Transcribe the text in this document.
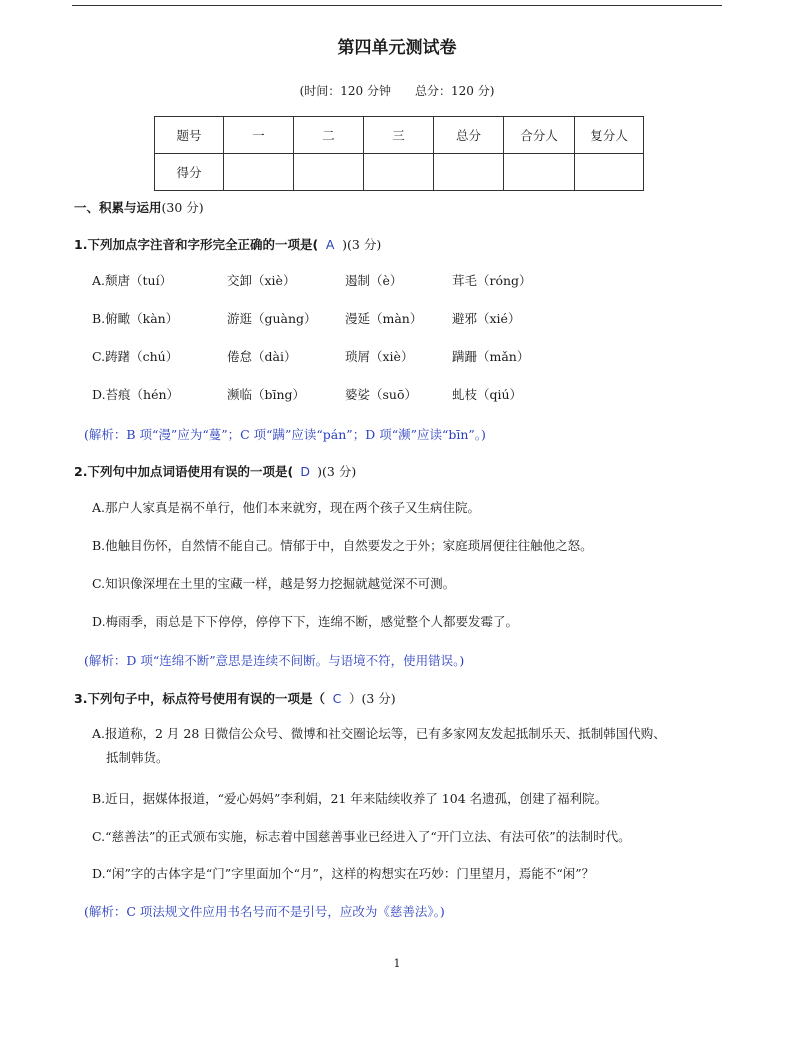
第四单元测试卷
(时间：120 分钟 总分：120 分)
题号	一	二	三	总分	合分人	复分人
得分						
一、积累与运用(30 分)
1.下列加点字注音和字形完全正确的一项是( A )(3 分)
A.颓唐（tuí）	交卸（xiè）	遏制（è）	茸毛（róng）
B.俯瞰（kàn）	游逛（guàng） 漫延（màn） 避邪（xié）
C.踌躇（chú）	倦怠（dài）	琐屑（xiè）	蹒跚（mǎn）
D.苔痕（hén）	濒临（bīng）	婆娑（suō）	虬枝（qiú）
(解析：B 项“漫”应为“蔓”；C 项“蹒”应读“pán”；D 项“濒”应读“bīn”。)
2.下列句中加点词语使用有误的一项是( D )(3 分)
A.那户人家真是祸不单行，他们本来就穷，现在两个孩子又生病住院。
B.他触目伤怀，自然情不能自己。情郁于中，自然要发之于外；家庭琐屑便往往触他之怒。
C.知识像深埋在土里的宝藏一样，越是努力挖掘就越觉深不可测。
D.梅雨季，雨总是下下停停，停停下下，连绵不断，感觉整个人都要发霉了。
(解析：D 项“连绵不断”意思是连续不间断。与语境不符，使用错误。)
3.下列句子中，标点符号使用有误的一项是（ C ）(3 分)
A.报道称，2 月 28 日微信公众号、微博和社交圈论坛等，已有多家网友发起抵制乐天、抵制韩国代购、
抵制韩货。
B.近日，据媒体报道，“爱心妈妈”李利娟，21 年来陆续收养了 104 名遗孤，创建了福利院。
C.“慈善法”的正式颁布实施，标志着中国慈善事业已经进入了“开门立法、有法可依”的法制时代。
D.“闲”字的古体字是“门”字里面加个“月”，这样的构想实在巧妙：门里望月，焉能不“闲”？
(解析：C 项法规文件应用书名号而不是引号，应改为《慈善法》。)
1
